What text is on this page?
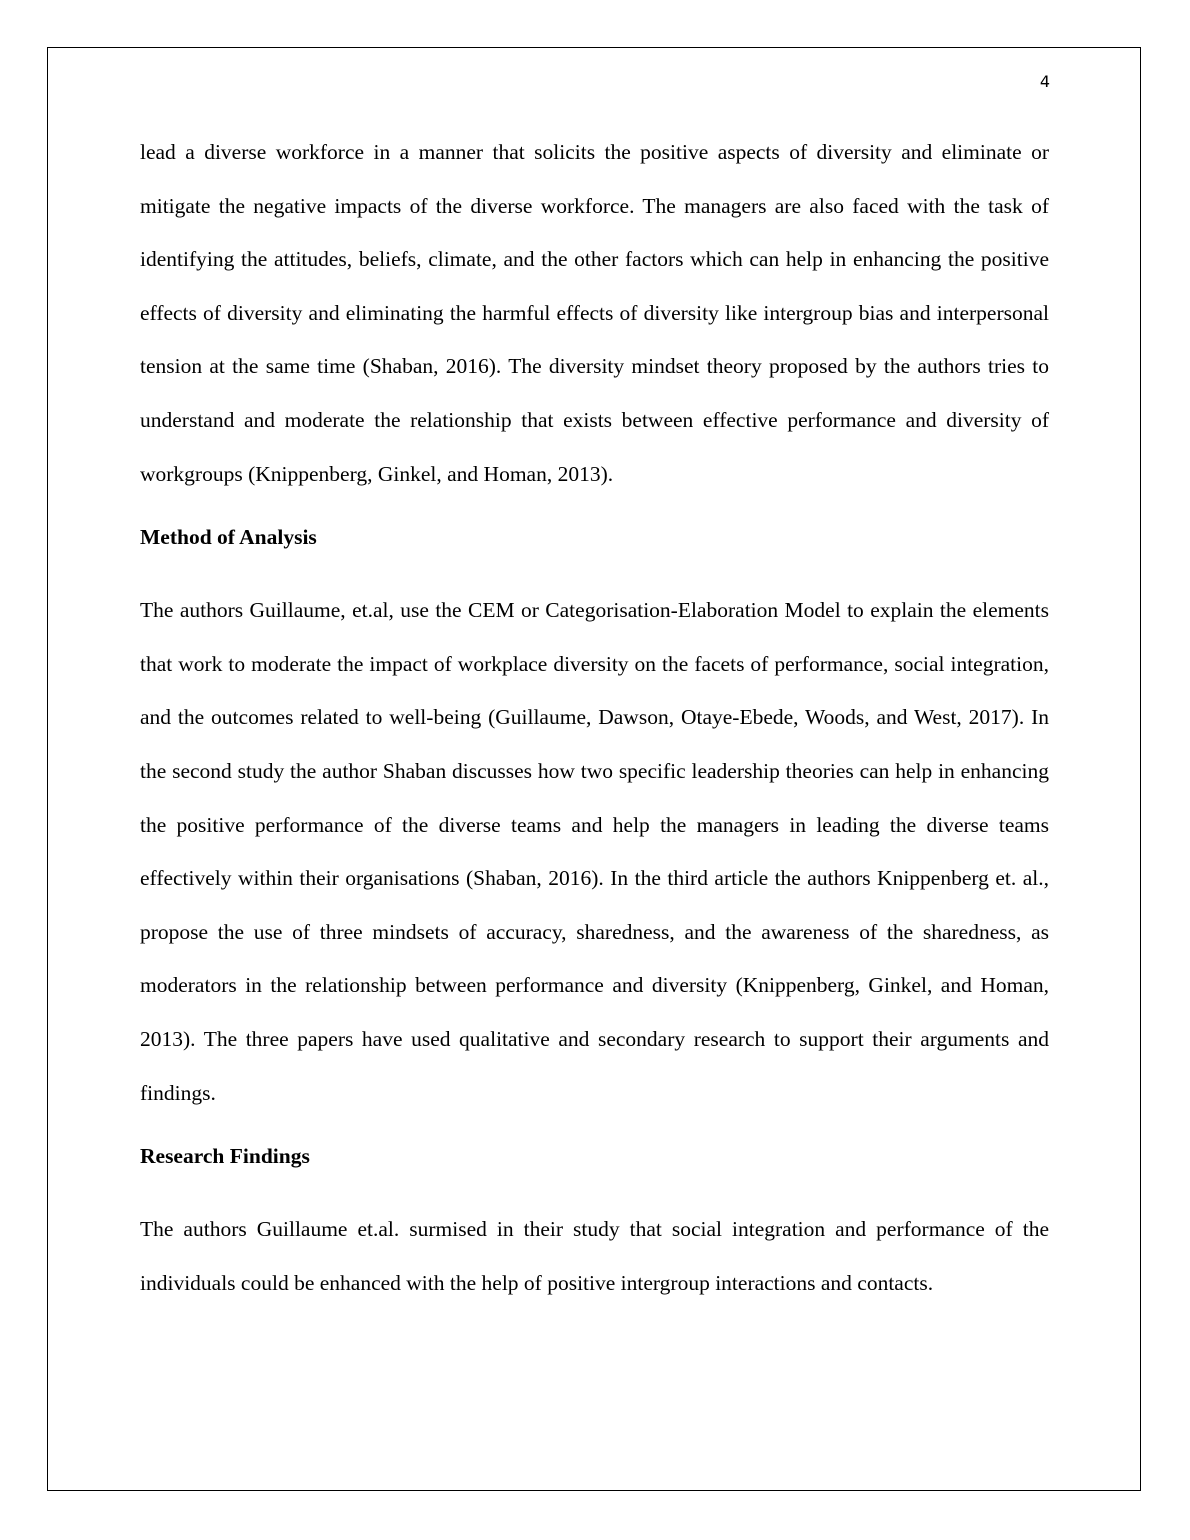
4

lead a diverse workforce in a manner that solicits the positive aspects of diversity and eliminate or mitigate the negative impacts of the diverse workforce. The managers are also faced with the task of identifying the attitudes, beliefs, climate, and the other factors which can help in enhancing the positive effects of diversity and eliminating the harmful effects of diversity like intergroup bias and interpersonal tension at the same time (Shaban, 2016). The diversity mindset theory proposed by the authors tries to understand and moderate the relationship that exists between effective performance and diversity of workgroups (Knippenberg, Ginkel, and Homan, 2013).

Method of Analysis

The authors Guillaume, et.al, use the CEM or Categorisation-Elaboration Model to explain the elements that work to moderate the impact of workplace diversity on the facets of performance, social integration, and the outcomes related to well-being (Guillaume, Dawson, Otaye-Ebede, Woods, and West, 2017). In the second study the author Shaban discusses how two specific leadership theories can help in enhancing the positive performance of the diverse teams and help the managers in leading the diverse teams effectively within their organisations (Shaban, 2016). In the third article the authors Knippenberg et. al., propose the use of three mindsets of accuracy, sharedness, and the awareness of the sharedness, as moderators in the relationship between performance and diversity (Knippenberg, Ginkel, and Homan, 2013). The three papers have used qualitative and secondary research to support their arguments and findings.

Research Findings

The authors Guillaume et.al. surmised in their study that social integration and performance of the individuals could be enhanced with the help of positive intergroup interactions and contacts.
